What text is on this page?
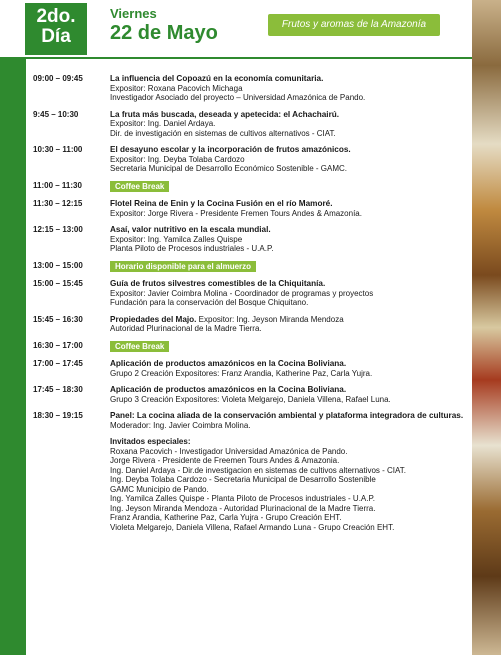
2do.
Día
Viernes
22 de Mayo	Frutos y aromas de la Amazonía
09:00 – 09:45	La influencia del Copoazú en la economía comunitaria.
Expositor: Roxana Pacovich Michaga
Investigador Asociado del proyecto – Universidad Amazónica de Pando.
9:45 – 10:30	La fruta más buscada, deseada y apetecida: el Achachairú.
Expositor: Ing. Daniel Ardaya.
Dir. de investigación en sistemas de cultivos alternativos - CIAT.
10:30 – 11:00	El desayuno escolar y la incorporación de frutos amazónicos.
Expositor: Ing. Deyba Tolaba Cardozo
Secretaria Municipal de Desarrollo Económico Sostenible - GAMC.
11:00 – 11:30	Coffee Break
11:30 – 12:15	Flotel Reina de Enin y la Cocina Fusión en el río Mamoré.
Expositor: Jorge Rivera - Presidente Fremen Tours Andes & Amazonía.
12:15 – 13:00	Asaí, valor nutritivo en la escala mundial.
Expositor: Ing. Yamilca Zalles Quispe
Planta Piloto de Procesos industriales - U.A.P.
13:00 – 15:00	Horario disponible para el almuerzo
15:00 – 15:45	Guía de frutos silvestres comestibles de la Chiquitanía.
Expositor: Javier Coimbra Molina - Coordinador de programas y proyectos
Fundación para la conservación del Bosque Chiquitano.
15:45 – 16:30	Propiedades del Majo. Expositor: Ing. Jeyson Miranda Mendoza
Autoridad Plurinacional de la Madre Tierra.
16:30 – 17:00	Coffee Break
17:00 – 17:45	Aplicación de productos amazónicos en la Cocina Boliviana.
Grupo 2 Creación Expositores: Franz Arandia, Katherine Paz, Carla Yujra.
17:45 – 18:30	Aplicación de productos amazónicos en la Cocina Boliviana.
Grupo 3 Creación Expositores: Violeta Melgarejo, Daniela Villena, Rafael Luna.
18:30 – 19:15	Panel: La cocina aliada de la conservación ambiental y plataforma integradora de culturas.
Moderador: Ing. Javier Coimbra Molina.
Invitados especiales:
Roxana Pacovich - Investigador Universidad Amazónica de Pando.
Jorge Rivera - Presidente de Freemen Tours Andes & Amazonia.
Ing. Daniel Ardaya - Dir.de investigacion en sistemas de cultivos alternativos - CIAT.
Ing. Deyba Tolaba Cardozo - Secretaria Municipal de Desarrollo Sostenible
GAMC Municipio de Pando.
Ing. Yamilca Zalles Quispe - Planta Piloto de Procesos industriales - U.A.P.
Ing. Jeyson Miranda Mendoza - Autoridad Plurinacional de la Madre Tierra.
Franz Arandia, Katherine Paz, Carla Yujra - Grupo Creación EHT.
Violeta Melgarejo, Daniela Villena, Rafael Armando Luna - Grupo Creación EHT.
